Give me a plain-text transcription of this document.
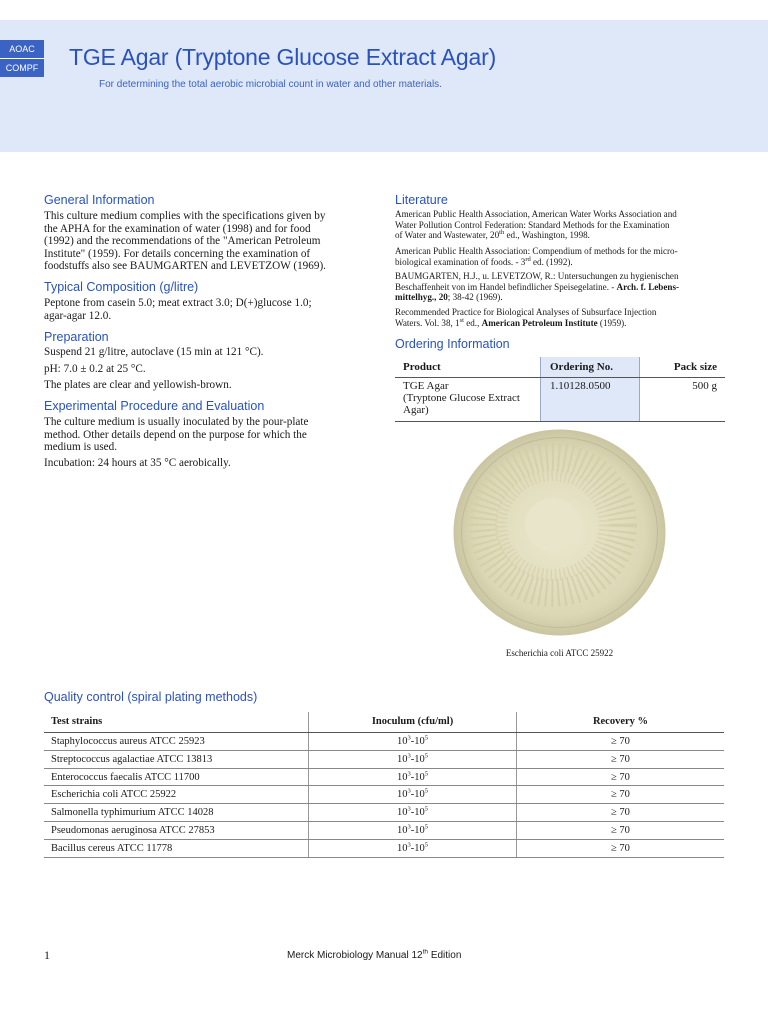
AOAC
COMPF TGE Agar (Tryptone Glucose Extract Agar)
For determining the total aerobic microbial count in water and other materials.
General Information
This culture medium complies with the specifications given by
the APHA for the examination of water (1998) and for food
(1992) and the recommendations of the "American Petroleum
Institute" (1959). For details concerning the examination of
foodstuffs also see BAUMGARTEN and LEVETZOW (1969).
Typical Composition (g/litre)
Peptone from casein 5.0; meat extract 3.0; D(+)glucose 1.0;
agar-agar 12.0.
Preparation
Suspend 21 g/litre, autoclave (15 min at 121 °C).
pH: 7.0 ± 0.2 at 25 °C.
The plates are clear and yellowish-brown.
Experimental Procedure and Evaluation
The culture medium is usually inoculated by the pour-plate
method. Other details depend on the purpose for which the
medium is used.
Incubation: 24 hours at 35 °C aerobically.
Literature
American Public Health Association, American Water Works Association and
Water Pollution Control Federation: Standard Methods for the Examination
of Water and Wastewater, 20th ed., Washington, 1998.
American Public Health Association: Compendium of methods for the micro-
biological examination of foods. - 3rd ed. (1992).
BAUMGARTEN, H.J., u. LEVETZOW, R.: Untersuchungen zu hygienischen
Beschaffenheit von im Handel befindlicher Speisegelatine. - Arch. f. Lebens-
mittelhyg., 20; 38-42 (1969).
Recommended Practice for Biological Analyses of Subsurface Injection
Waters. Vol. 38, 1st ed., American Petroleum Institute (1959).
Ordering Information
Product	Ordering No.	Pack size
TGE Agar
(Tryptone Glucose Extract
Agar)
1.10128.0500	500 g
Escherichia coli ATCC 25922
Quality control (spiral plating methods)
Test strains	Inoculum (cfu/ml)	Recovery %
Staphylococcus aureus ATCC 25923	$10^3-10^5$	≥ 70
Streptococcus agalactiae ATCC 13813	$10^3-10^5$	≥ 70
Enterococcus faecalis ATCC 11700	$10^3-10^5$	≥ 70
Escherichia coli ATCC 25922	$10^3-10^5$	≥ 70
Salmonella typhimurium ATCC 14028	$10^3-10^5$	≥ 70
Pseudomonas aeruginosa ATCC 27853	$10^3-10^5$	≥ 70
Bacillus cereus ATCC 11778	$10^3-10^5$	≥ 70
1	Merck Microbiology Manual 12th Edition
